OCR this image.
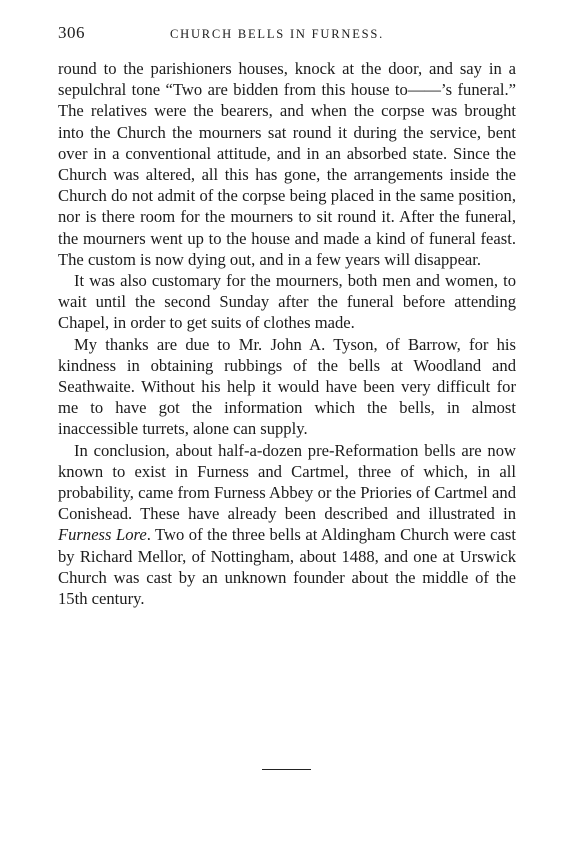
306	CHURCH BELLS IN FURNESS.

round to the parishioners houses, knock at the door, and say in a sepulchral tone “Two are bidden from this house to——’s funeral.” The relatives were the bearers, and when the corpse was brought into the Church the mourners sat round it during the service, bent over in a conventional attitude, and in an absorbed state. Since the Church was altered, all this has gone, the arrangements inside the Church do not admit of the corpse being placed in the same position, nor is there room for the mourners to sit round it. After the funeral, the mourners went up to the house and made a kind of funeral feast. The custom is now dying out, and in a few years will disappear.

It was also customary for the mourners, both men and women, to wait until the second Sunday after the funeral before attending Chapel, in order to get suits of clothes made.

My thanks are due to Mr. John A. Tyson, of Barrow, for his kindness in obtaining rubbings of the bells at Woodland and Seathwaite. Without his help it would have been very difficult for me to have got the information which the bells, in almost inaccessible turrets, alone can supply.

In conclusion, about half-a-dozen pre-Reformation bells are now known to exist in Furness and Cartmel, three of which, in all probability, came from Furness Abbey or the Priories of Cartmel and Conishead. These have already been described and illustrated in Furness Lore. Two of the three bells at Aldingham Church were cast by Richard Mellor, of Nottingham, about 1488, and one at Urswick Church was cast by an unknown founder about the middle of the 15th century.
